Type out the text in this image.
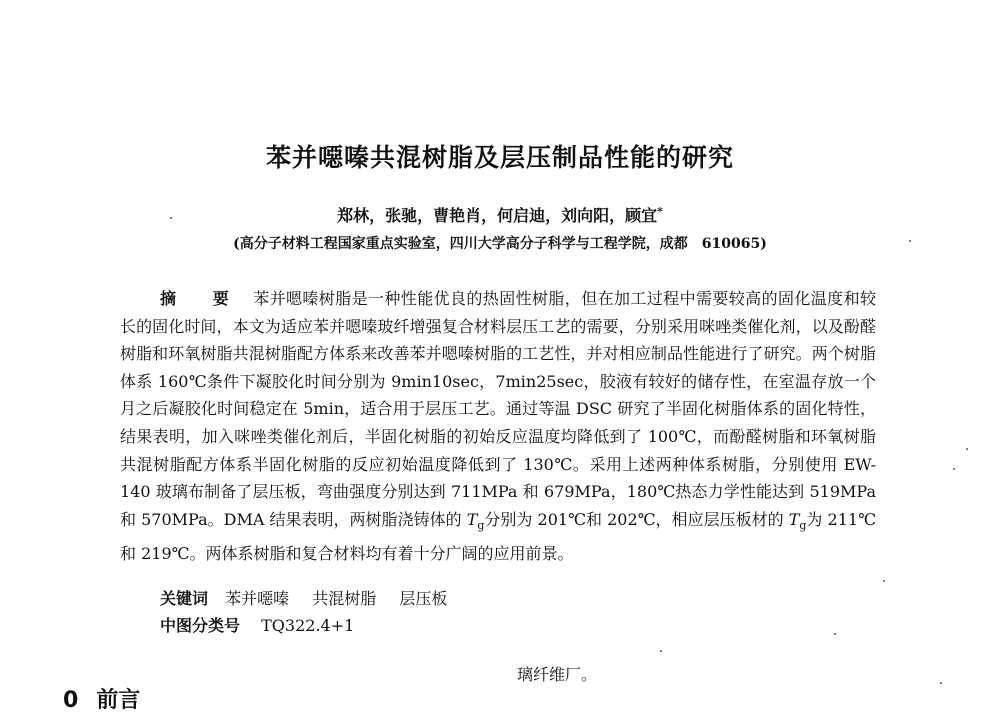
苯并噁嗪共混树脂及层压制品性能的研究
郑林，张驰，曹艳肖，何启迪，刘向阳，顾宜*
(高分子材料工程国家重点实验室，四川大学高分子科学与工程学院，成都　610065)

摘　要 苯并嗯嗪树脂是一种性能优良的热固性树脂，但在加工过程中需要较高的固化温度和较长的固化时间，本文为适应苯并嗯嗪玻纤增强复合材料层压工艺的需要，分别采用咪唑类催化剂，以及酚醛树脂和环氧树脂共混树脂配方体系来改善苯并嗯嗪树脂的工艺性，并对相应制品性能进行了研究。两个树脂体系 160℃条件下凝胶化时间分别为 9min10sec，7min25sec，胶液有较好的储存性，在室温存放一个月之后凝胶化时间稳定在 5min，适合用于层压工艺。通过等温 DSC 研究了半固化树脂体系的固化特性，结果表明，加入咪唑类催化剂后，半固化树脂的初始反应温度均降低到了 100℃，而酚醛树脂和环氧树脂共混树脂配方体系半固化树脂的反应初始温度降低到了 130℃。采用上述两种体系树脂，分别使用 EW-140 玻璃布制备了层压板，弯曲强度分别达到 711MPa 和 679MPa，180℃热态力学性能达到 519MPa 和 570MPa。DMA 结果表明，两树脂浇铸体的 $T_g$分别为 201℃和 202℃，相应层压板材的 $T_g$为 211℃和 219℃。两体系树脂和复合材料均有着十分广阔的应用前景。

关键词 苯并噁嗪 共混树脂 层压板
中图分类号 TQ322.4+1
璃纤维厂。
0 前言
